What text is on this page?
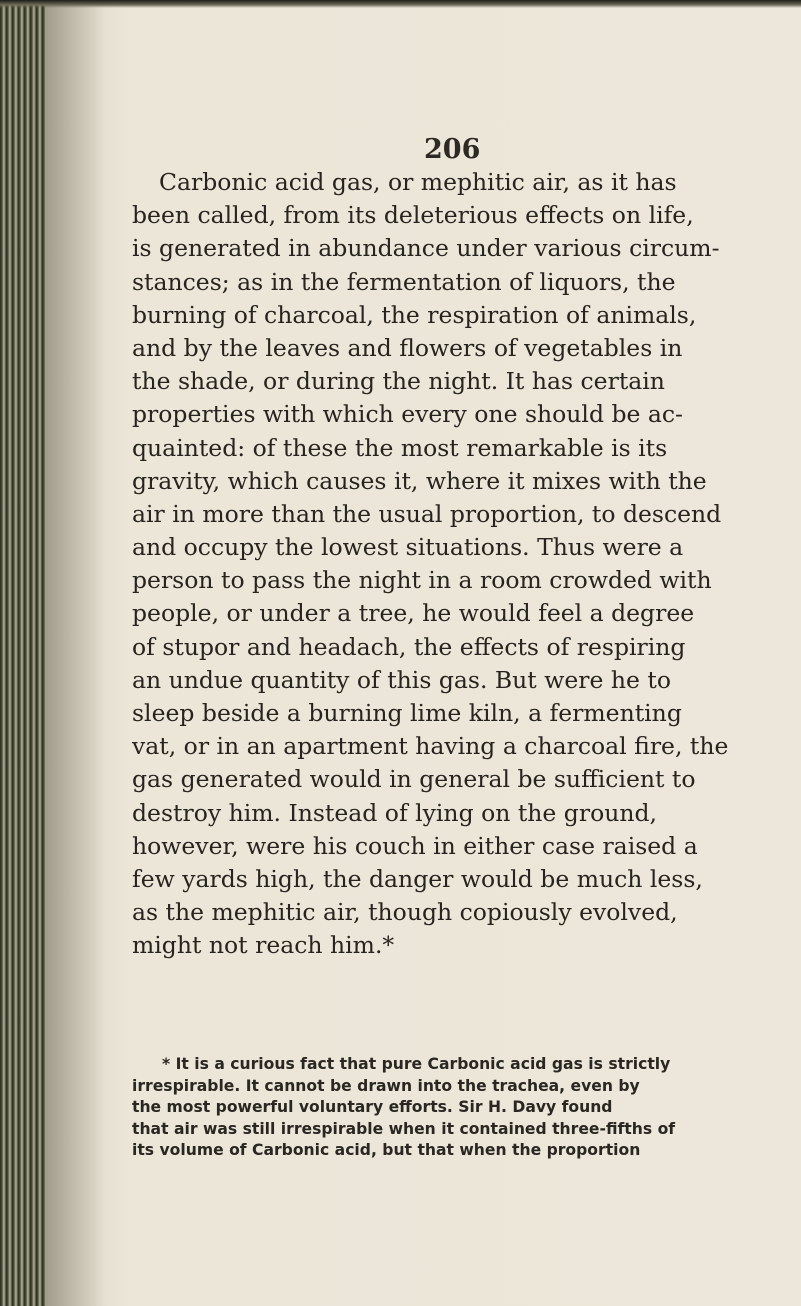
206
Carbonic acid gas, or mephitic air, as it has
been called, from its deleterious effects on life,
is generated in abundance under various circum-
stances; as in the fermentation of liquors, the
burning of charcoal, the respiration of animals,
and by the leaves and flowers of vegetables in
the shade, or during the night. It has certain
properties with which every one should be ac-
quainted: of these the most remarkable is its
gravity, which causes it, where it mixes with the
air in more than the usual proportion, to descend
and occupy the lowest situations. Thus were a
person to pass the night in a room crowded with
people, or under a tree, he would feel a degree
of stupor and headach, the effects of respiring
an undue quantity of this gas. But were he to
sleep beside a burning lime kiln, a fermenting
vat, or in an apartment having a charcoal fire, the
gas generated would in general be sufficient to
destroy him. Instead of lying on the ground,
however, were his couch in either case raised a
few yards high, the danger would be much less,
as the mephitic air, though copiously evolved,
might not reach him.*
* It is a curious fact that pure Carbonic acid gas is strictly
irrespirable. It cannot be drawn into the trachea, even by
the most powerful voluntary efforts. Sir H. Davy found
that air was still irrespirable when it contained three-fifths of
its volume of Carbonic acid, but that when the proportion
